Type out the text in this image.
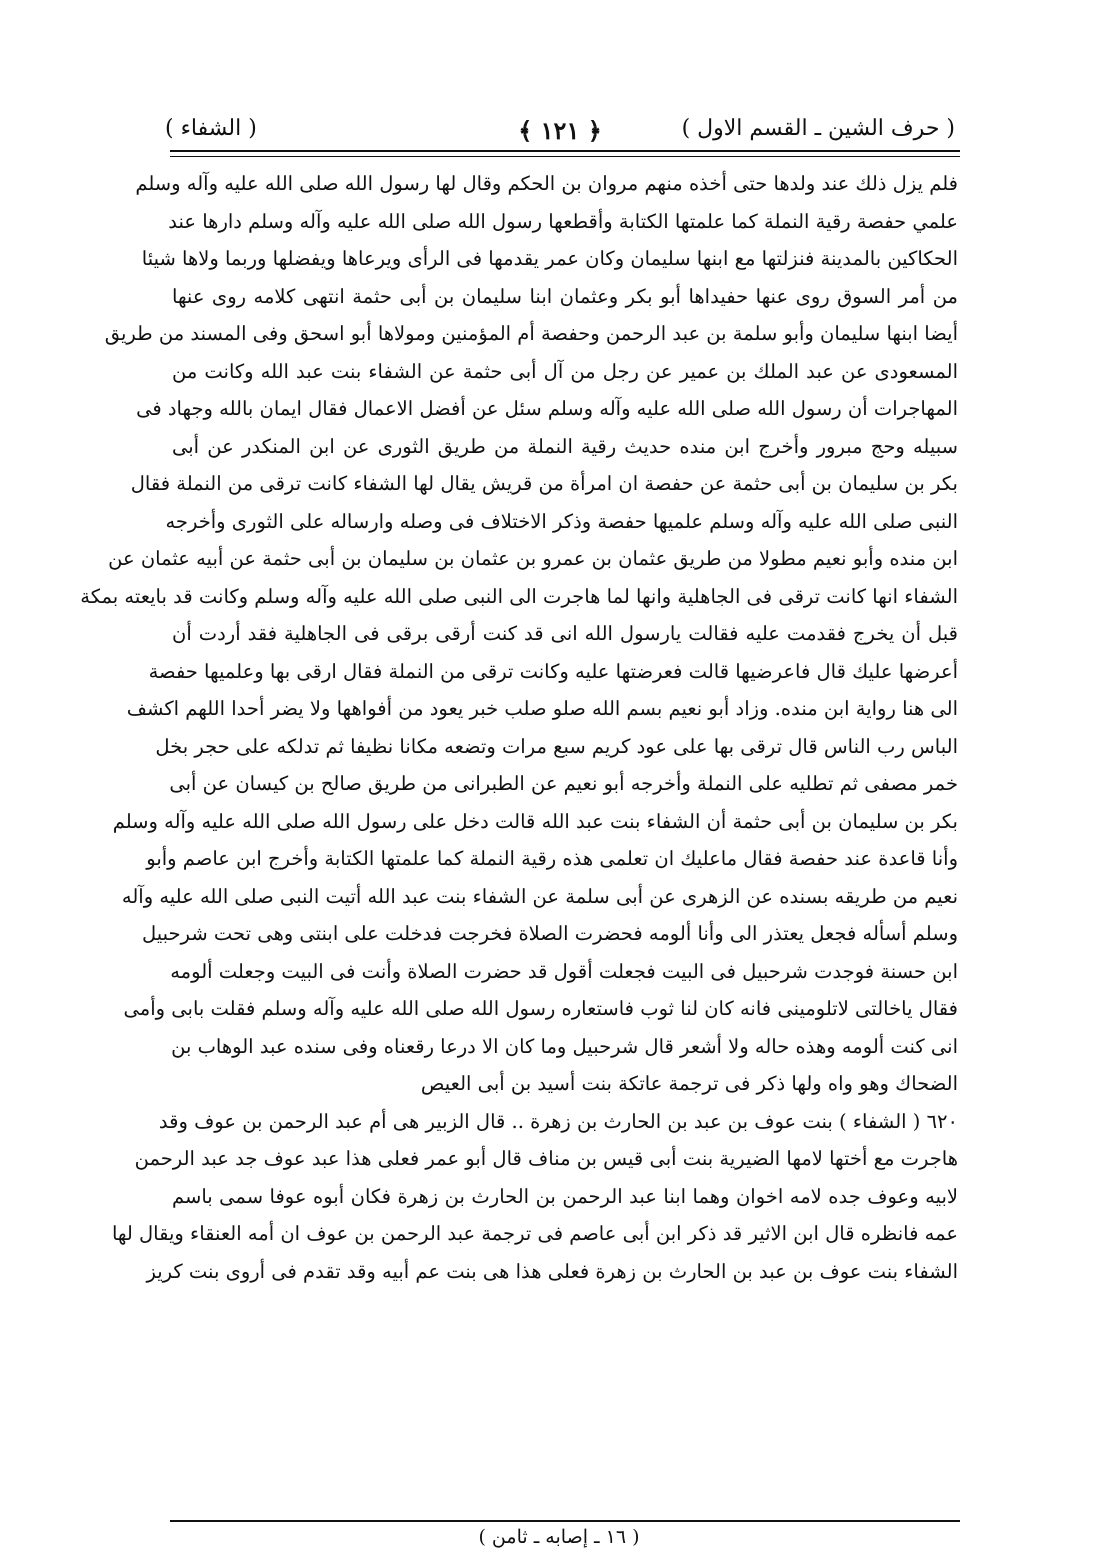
( حرف الشين ـ القسم الاول )
﴿ ١٢١ ﴾
( الشفاء )
فلم يزل ذلك عند ولدها حتى أخذه منهم مروان بن الحكم وقال لها رسول الله صلى الله عليه وآله وسلم
علمي حفصة رقية النملة كما علمتها الكتابة وأقطعها رسول الله صلى الله عليه وآله وسلم دارها عند
الحكاكين بالمدينة فنزلتها مع ابنها سليمان وكان عمر يقدمها فى الرأى ويرعاها ويفضلها وربما ولاها شيئا
من أمر السوق روى عنها حفيداها أبو بكر وعثمان ابنا سليمان بن أبى حثمة انتهى كلامه روى عنها
أيضا ابنها سليمان وأبو سلمة بن عبد الرحمن وحفصة أم المؤمنين ومولاها أبو اسحق وفى المسند من طريق
المسعودى عن عبد الملك بن عمير عن رجل من آل أبى حثمة عن الشفاء بنت عبد الله وكانت من
المهاجرات أن رسول الله صلى الله عليه وآله وسلم سئل عن أفضل الاعمال فقال ايمان بالله وجهاد فى
سبيله وحج مبرور وأخرج ابن منده حديث رقية النملة من طريق الثورى عن ابن المنكدر عن أبى
بكر بن سليمان بن أبى حثمة عن حفصة ان امرأة من قريش يقال لها الشفاء كانت ترقى من النملة فقال
النبى صلى الله عليه وآله وسلم علميها حفصة وذكر الاختلاف فى وصله وارساله على الثورى وأخرجه
ابن منده وأبو نعيم مطولا من طريق عثمان بن عمرو بن عثمان بن سليمان بن أبى حثمة عن أبيه عثمان عن
الشفاء انها كانت ترقى فى الجاهلية وانها لما هاجرت الى النبى صلى الله عليه وآله وسلم وكانت قد بايعته بمكة
قبل أن يخرج فقدمت عليه فقالت يارسول الله انى قد كنت أرقى برقى فى الجاهلية فقد أردت أن
أعرضها عليك قال فاعرضيها قالت فعرضتها عليه وكانت ترقى من النملة فقال ارقى بها وعلميها حفصة
الى هنا رواية ابن منده. وزاد أبو نعيم بسم الله صلو صلب خبر يعود من أفواهها ولا يضر أحدا اللهم اكشف
الباس رب الناس قال ترقى بها على عود كريم سبع مرات وتضعه مكانا نظيفا ثم تدلكه على حجر بخل
خمر مصفى ثم تطليه على النملة وأخرجه أبو نعيم عن الطبرانى من طريق صالح بن كيسان عن أبى
بكر بن سليمان بن أبى حثمة أن الشفاء بنت عبد الله قالت دخل على رسول الله صلى الله عليه وآله وسلم
وأنا قاعدة عند حفصة فقال ماعليك ان تعلمى هذه رقية النملة كما علمتها الكتابة وأخرج ابن عاصم وأبو
نعيم من طريقه بسنده عن الزهرى عن أبى سلمة عن الشفاء بنت عبد الله أتيت النبى صلى الله عليه وآله
وسلم أسأله فجعل يعتذر الى وأنا ألومه فحضرت الصلاة فخرجت فدخلت على ابنتى وهى تحت شرحبيل
ابن حسنة فوجدت شرحبيل فى البيت فجعلت أقول قد حضرت الصلاة وأنت فى البيت وجعلت ألومه
فقال ياخالتى لاتلومينى فانه كان لنا ثوب فاستعاره رسول الله صلى الله عليه وآله وسلم فقلت بابى وأمى
انى كنت ألومه وهذه حاله ولا أشعر قال شرحبيل وما كان الا درعا رقعناه وفى سنده عبد الوهاب بن
الضحاك وهو واه ولها ذكر فى ترجمة عاتكة بنت أسيد بن أبى العيص
٦٢٠ ( الشفاء ) بنت عوف بن عبد بن الحارث بن زهرة .. قال الزبير هى أم عبد الرحمن بن عوف وقد
هاجرت مع أختها لامها الضيرية بنت أبى قيس بن مناف قال أبو عمر فعلى هذا عبد عوف جد عبد الرحمن
لابيه وعوف جده لامه اخوان وهما ابنا عبد الرحمن بن الحارث بن زهرة فكان أبوه عوفا سمى باسم
عمه فانظره قال ابن الاثير قد ذكر ابن أبى عاصم فى ترجمة عبد الرحمن بن عوف ان أمه العنقاء ويقال لها
الشفاء بنت عوف بن عبد بن الحارث بن زهرة فعلى هذا هى بنت عم أبيه وقد تقدم فى أروى بنت كريز
( ١٦ ـ إصابه ـ ثامن )
